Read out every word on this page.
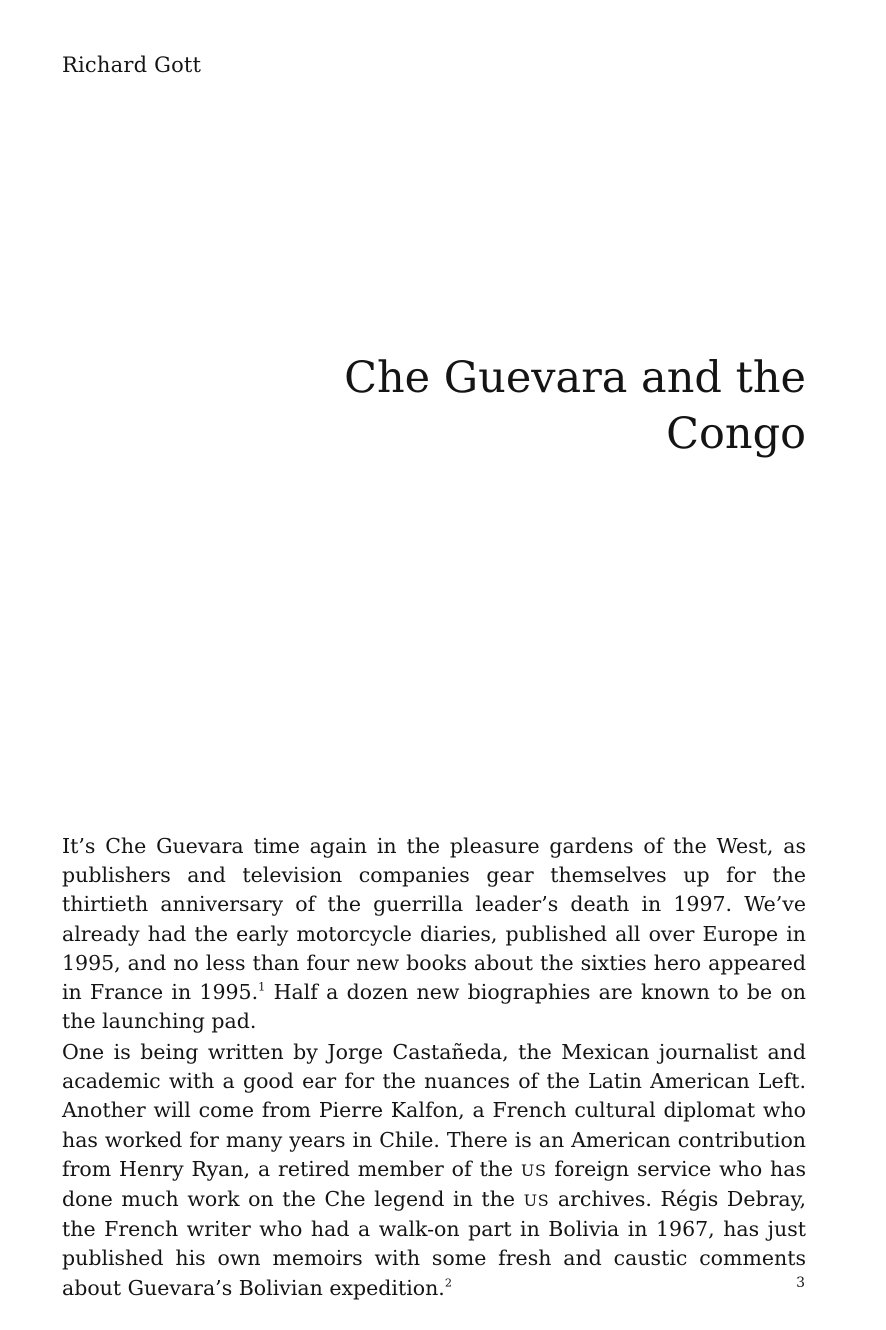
Richard Gott
Che Guevara and the Congo

It’s Che Guevara time again in the pleasure gardens of the West, as publishers and television companies gear themselves up for the thirtieth anniversary of the guerrilla leader’s death in 1997. We’ve already had the early motorcycle diaries, published all over Europe in 1995, and no less than four new books about the sixties hero appeared in France in 1995.$^1$ Half a dozen new biographies are known to be on the launching pad.

One is being written by Jorge Castañeda, the Mexican journalist and academic with a good ear for the nuances of the Latin American Left. Another will come from Pierre Kalfon, a French cultural diplomat who has worked for many years in Chile. There is an American contribution from Henry Ryan, a retired member of the US foreign service who has done much work on the Che legend in the US archives. Régis Debray, the French writer who had a walk-on part in Bolivia in 1967, has just published his own memoirs with some fresh and caustic comments about Guevara’s Bolivian expedition.$^2$	3
